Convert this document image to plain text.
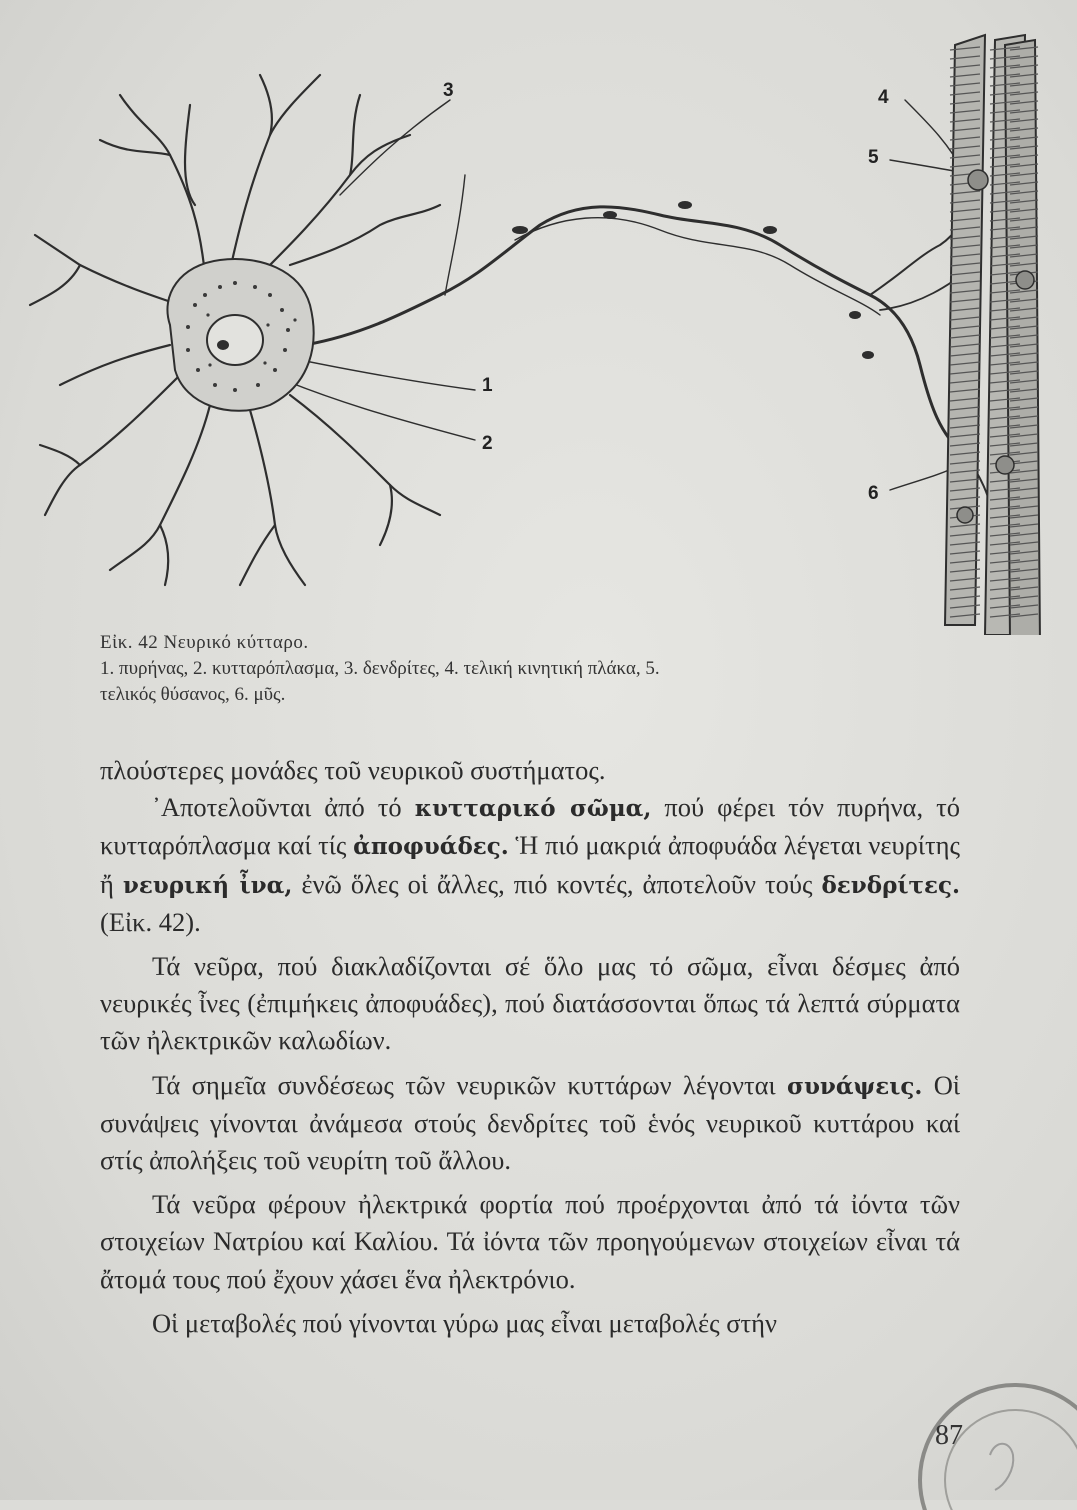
3
1
2
4
5
6
Εἰκ. 42 Νευρικό κύτταρο.
1. πυρήνας, 2. κυτταρόπλασμα, 3. δενδρίτες, 4. τελική κινητική πλάκα, 5.
τελικός θύσανος, 6. μῦς.

πλούστερες μονάδες τοῦ νευρικοῦ συστήματος.

᾿Αποτελοῦνται ἀπό τό κυτταρικό σῶμα, πού φέρει τόν πυρήνα, τό κυτταρόπλασμα καί τίς ἀποφυάδες. Ἡ πιό μακριά ἀποφυάδα λέγεται νευρίτης ἤ νευρική ἶνα, ἐνῶ ὅλες οἱ ἄλλες, πιό κοντές, ἀποτελοῦν τούς δενδρίτες. (Εἰκ. 42).

Τά νεῦρα, πού διακλαδίζονται σέ ὅλο μας τό σῶμα, εἶναι δέσμες ἀπό νευρικές ἶνες (ἐπιμήκεις ἀποφυάδες), πού διατάσσονται ὅπως τά λεπτά σύρματα τῶν ἠλεκτρικῶν καλωδίων.

Τά σημεῖα συνδέσεως τῶν νευρικῶν κυττάρων λέγονται συνάψεις. Οἱ συνάψεις γίνονται ἀνάμεσα στούς δενδρίτες τοῦ ἑνός νευρικοῦ κυττάρου καί στίς ἀπολήξεις τοῦ νευρίτη τοῦ ἄλλου.

Τά νεῦρα φέρουν ἠλεκτρικά φορτία πού προέρχονται ἀπό τά ἰόντα τῶν στοιχείων Νατρίου καί Καλίου. Τά ἰόντα τῶν προηγούμενων στοιχείων εἶναι τά ἄτομά τους πού ἔχουν χάσει ἕνα ἠλεκτρόνιο.

Οἱ μεταβολές πού γίνονται γύρω μας εἶναι μεταβολές στήν

87
